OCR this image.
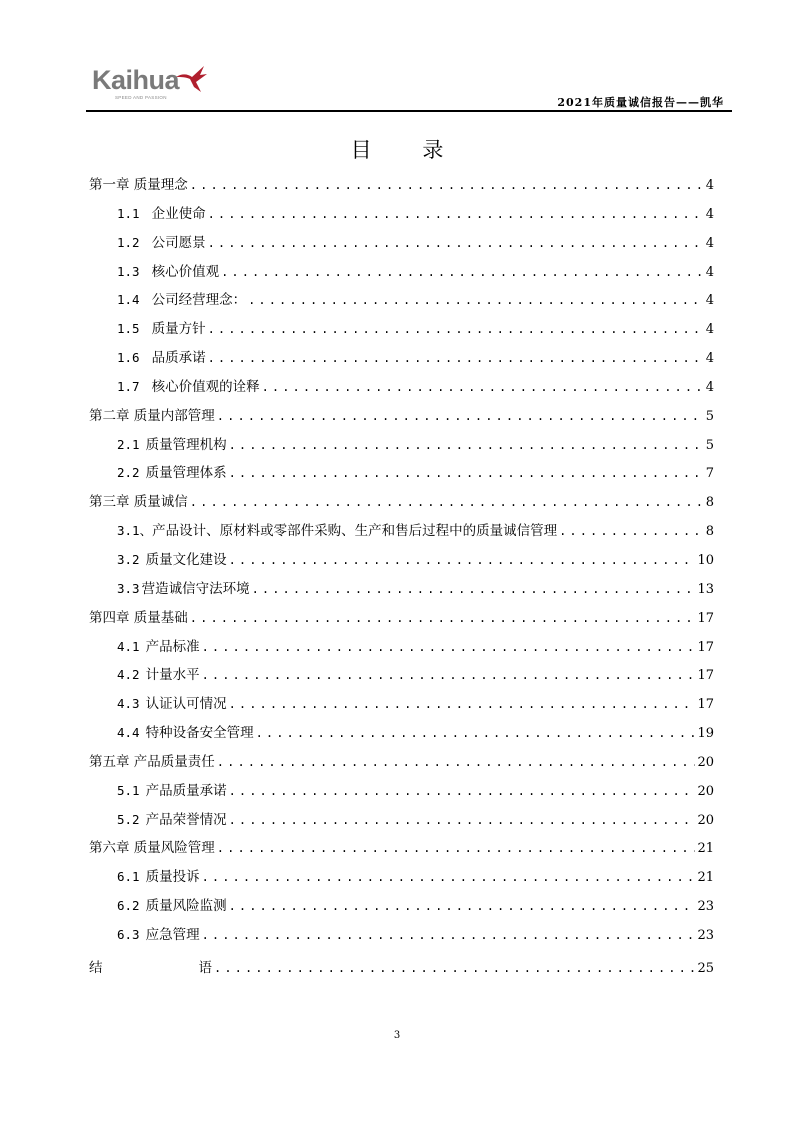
Kaihua
SPEED AND PASSION	2021年质量诚信报告——凯华
目 录
第一章 质量理念 .....	4
1.1 企业使命 .....	4
1.2 公司愿景 .....	4
1.3 核心价值观 .....	4
1.4 公司经营理念： .....	4
1.5 质量方针 .....	4
1.6 品质承诺 .....	4
1.7 核心价值观的诠释 .....	4
第二章 质量内部管理 .....	5
2.1 质量管理机构 .....	5
2.2 质量管理体系 .....	7
第三章 质量诚信 .....	8
3.1、产品设计、原材料或零部件采购、生产和售后过程中的质量诚信管理 .....	8
3.2 质量文化建设 .....	10
3.3 营造诚信守法环境 .....	13
第四章 质量基础 .....	17
4.1 产品标准 .....	17
4.2 计量水平 .....	17
4.3 认证认可情况 .....	17
4.4 特种设备安全管理 .....	19
第五章 产品质量责任 .....	20
5.1 产品质量承诺 .....	20
5.2 产品荣誉情况 .....	20
第六章 质量风险管理 .....	21
6.1 质量投诉 .....	21
6.2 质量风险监测 .....	23
6.3 应急管理 .....	23
结	语 .....	25
3
